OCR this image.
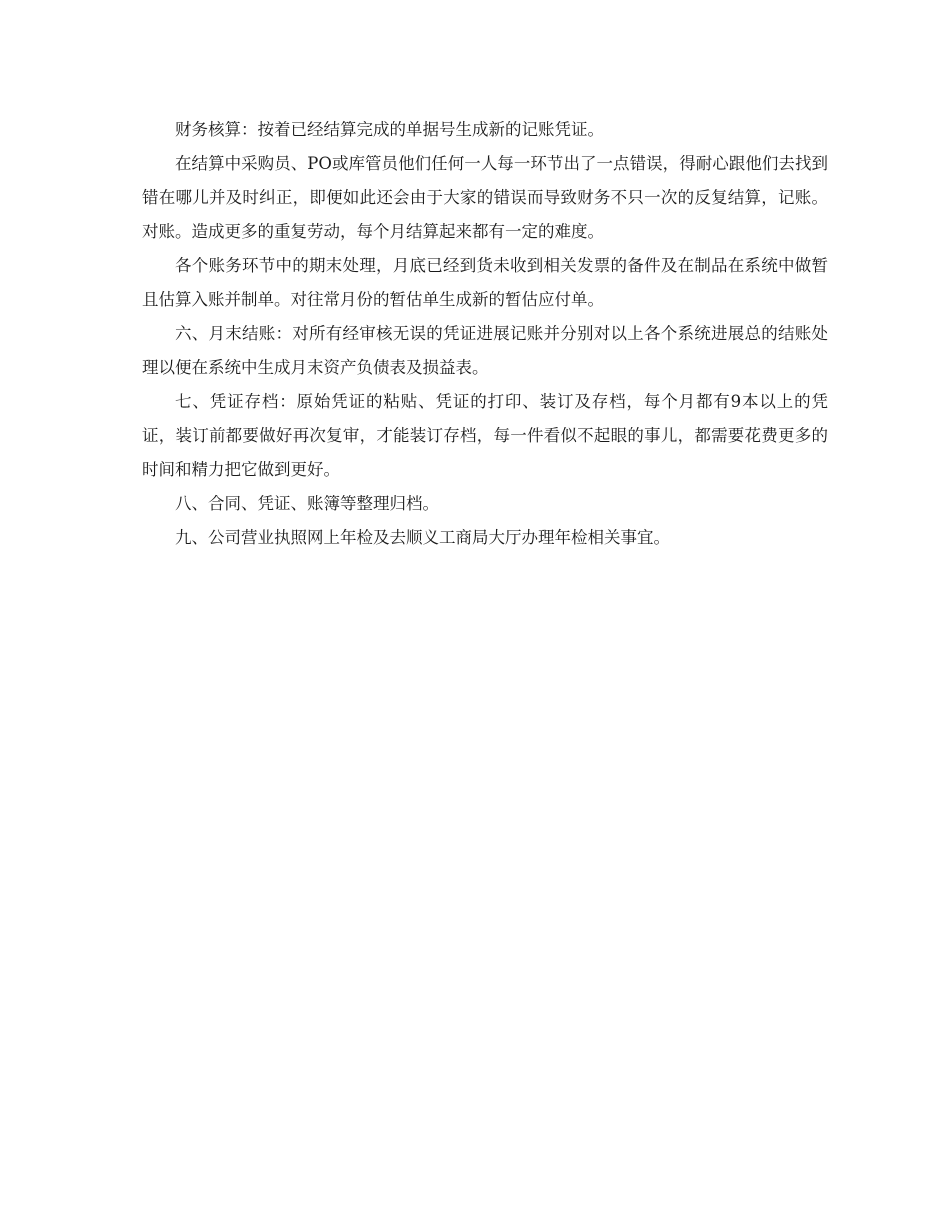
财务核算：按着已经结算完成的单据号生成新的记账凭证。

在结算中采购员、PO或库管员他们任何一人每一环节出了一点错误，得耐心跟他们去找到错在哪儿并及时纠正，即便如此还会由于大家的错误而导致财务不只一次的反复结算，记账。对账。造成更多的重复劳动，每个月结算起来都有一定的难度。

各个账务环节中的期末处理，月底已经到货未收到相关发票的备件及在制品在系统中做暂且估算入账并制单。对往常月份的暂估单生成新的暂估应付单。

六、月末结账：对所有经审核无误的凭证进展记账并分别对以上各个系统进展总的结账处理以便在系统中生成月末资产负债表及损益表。

七、凭证存档：原始凭证的粘贴、凭证的打印、装订及存档，每个月都有9本以上的凭证，装订前都要做好再次复审，才能装订存档，每一件看似不起眼的事儿，都需要花费更多的时间和精力把它做到更好。

八、合同、凭证、账簿等整理归档。

九、公司营业执照网上年检及去顺义工商局大厅办理年检相关事宜。
